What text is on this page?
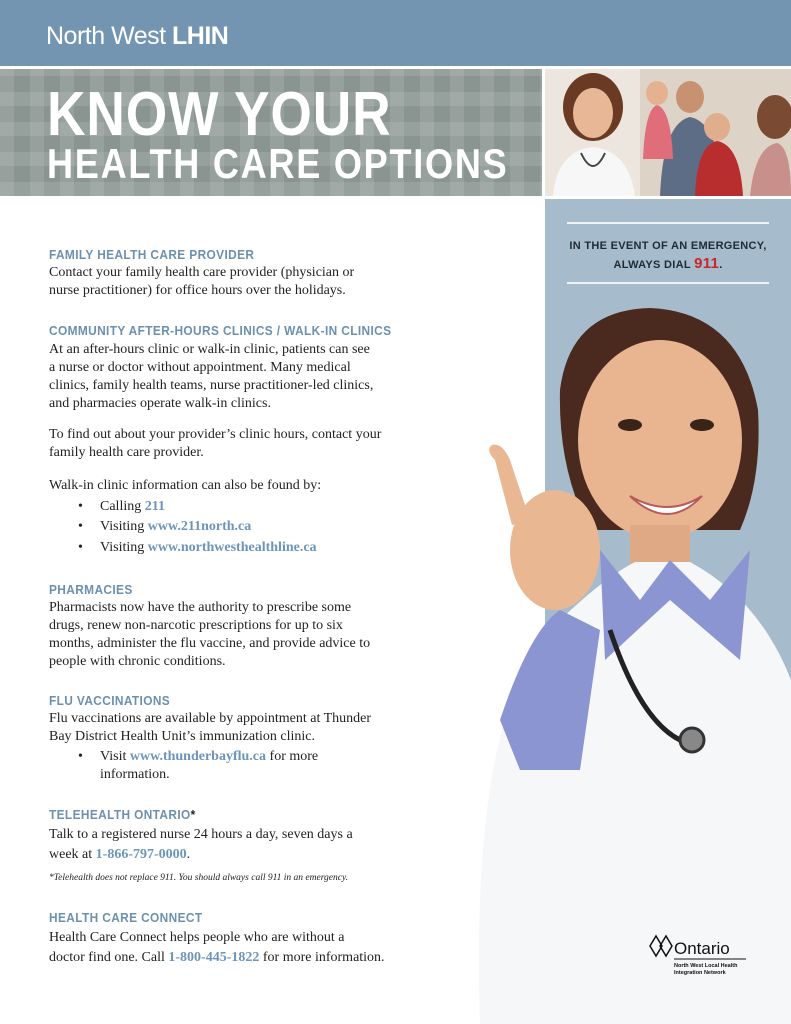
North West LHIN
KNOW YOUR
HEALTH CARE OPTIONS
IN THE EVENT OF AN EMERGENCY,
ALWAYS DIAL 911.
Ontario
North West Local Health
Integration Network
FAMILY HEALTH CARE PROVIDER
Contact your family health care provider (physician or
nurse practitioner) for office hours over the holidays.
COMMUNITY AFTER-HOURS CLINICS / WALK-IN CLINICS
At an after-hours clinic or walk-in clinic, patients can see
a nurse or doctor without appointment. Many medical
clinics, family health teams, nurse practitioner-led clinics,
and pharmacies operate walk-in clinics.
To find out about your provider’s clinic hours, contact your
family health care provider.
Walk-in clinic information can also be found by:
• Calling 211
• Visiting www.211north.ca
• Visiting www.northwesthealthline.ca
PHARMACIES
Pharmacists now have the authority to prescribe some
drugs, renew non-narcotic prescriptions for up to six
months, administer the flu vaccine, and provide advice to
people with chronic conditions.
FLU VACCINATIONS
Flu vaccinations are available by appointment at Thunder
Bay District Health Unit’s immunization clinic.
• Visit www.thunderbayflu.ca for more
information.
TELEHEALTH ONTARIO*
Talk to a registered nurse 24 hours a day, seven days a
week at 1-866-797-0000.
*Telehealth does not replace 911. You should always call 911 in an emergency.
HEALTH CARE CONNECT
Health Care Connect helps people who are without a
doctor find one. Call 1-800-445-1822 for more information.
